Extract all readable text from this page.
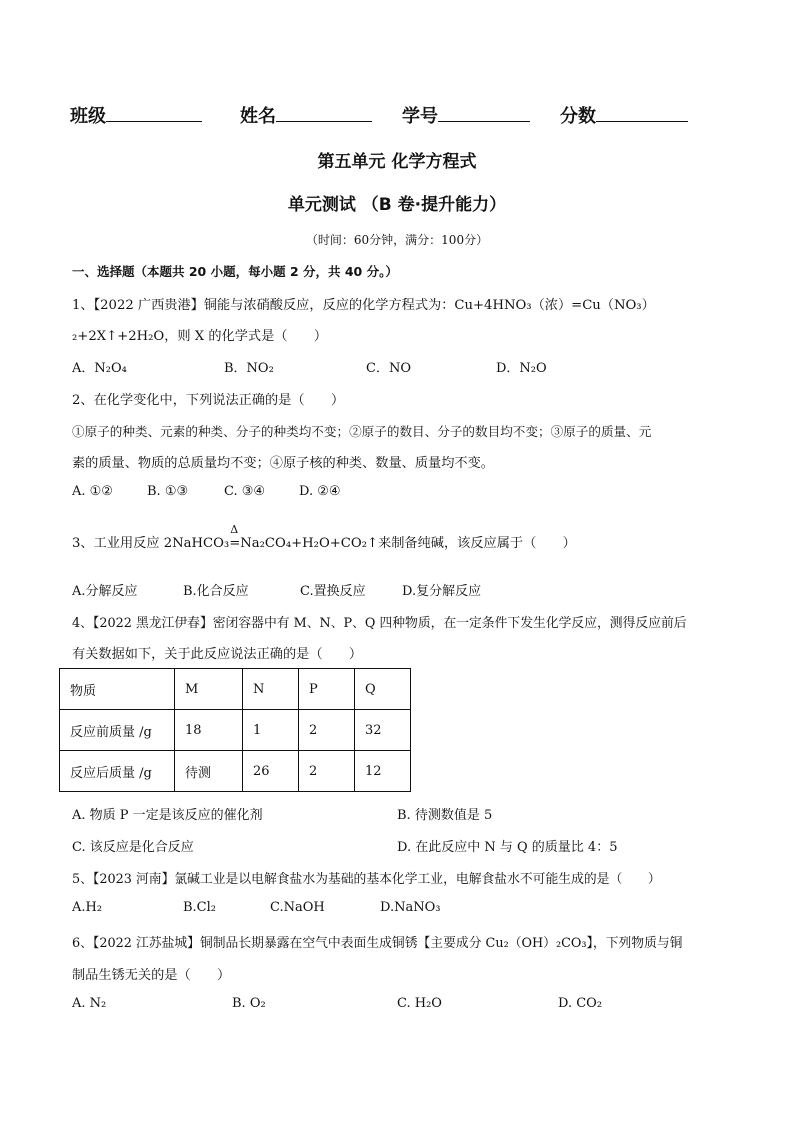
班级	姓名	学号	分数
第五单元 化学方程式
单元测试 （B 卷·提升能力）
（时间：60分钟，满分：100分）
一、选择题（本题共 20 小题，每小题 2 分，共 40 分。）
1、【2022 广西贵港】铜能与浓硝酸反应，反应的化学方程式为：Cu+4HNO₃（浓）=Cu（NO₃）
₂+2X↑+2H₂O，则 X 的化学式是（　　）
A．N₂O₄	B．NO₂	C．NO	D．N₂O
2、在化学变化中，下列说法正确的是（　　）
①原子的种类、元素的种类、分子的种类均不变；②原子的数目、分子的数目均不变；③原子的质量、元
素的质量、物质的总质量均不变；④原子核的种类、数量、质量均不变。
A. ①②	B. ①③	C. ③④	D. ②④
3、工业用反应 2NaHCO₃
Δ
=Na₂CO₄+H₂O+CO₂↑来制备纯碱，该反应属于（　　）
A.分解反应	B.化合反应	C.置换反应	D.复分解反应
4、【2022 黑龙江伊春】密闭容器中有 M、N、P、Q 四种物质，在一定条件下发生化学反应，测得反应前后
有关数据如下，关于此反应说法正确的是（　　）
物质	M	N	P	Q
反应前质量 /g	18	1	2	32
反应后质量 /g	待测	26	2	12
A. 物质 P 一定是该反应的催化剂	B. 待测数值是 5
C. 该反应是化合反应	D. 在此反应中 N 与 Q 的质量比 4：5
5、【2023 河南】氯碱工业是以电解食盐水为基础的基本化学工业，电解食盐水不可能生成的是（　　）
A.H₂	B.Cl₂	C.NaOH	D.NaNO₃
6、【2022 江苏盐城】铜制品长期暴露在空气中表面生成铜锈【主要成分 Cu₂（OH）₂CO₃】，下列物质与铜
制品生锈无关的是（　　）
A. N₂	B. O₂	C. H₂O	D. CO₂
